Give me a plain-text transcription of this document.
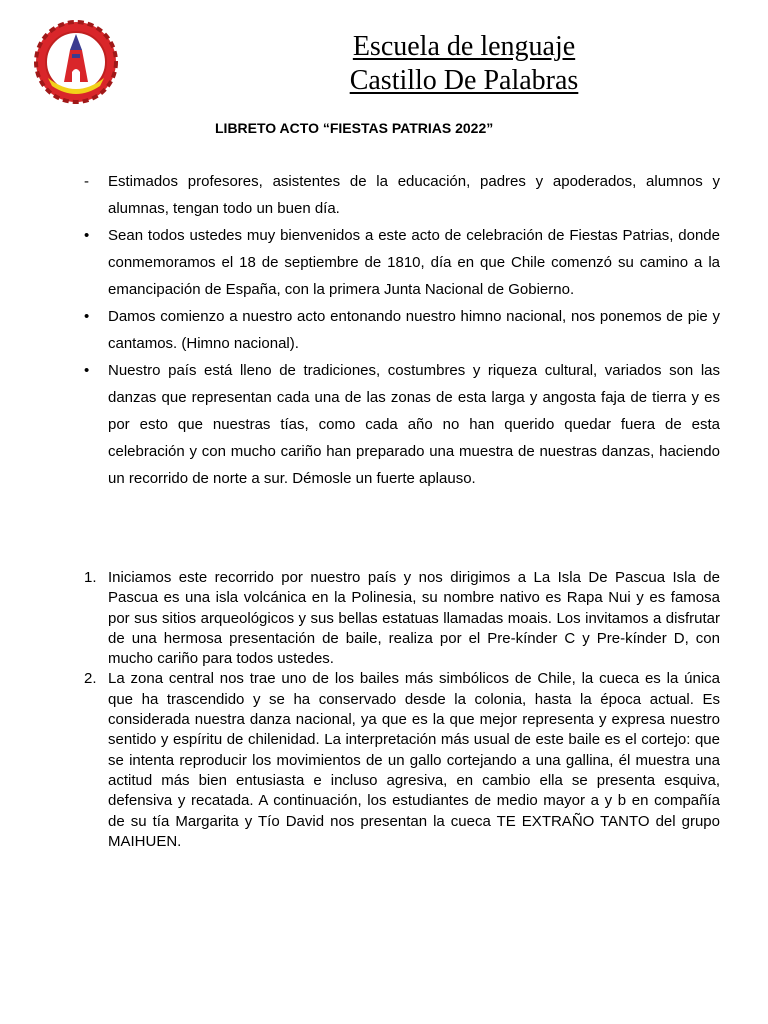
Escuela de lenguaje
Castillo De Palabras
LIBRETO ACTO “FIESTAS PATRIAS 2022”
- Estimados profesores, asistentes de la educación, padres y apoderados, alumnos y alumnas, tengan todo un buen día.
• Sean todos ustedes muy bienvenidos a este acto de celebración de Fiestas Patrias, donde conmemoramos el 18 de septiembre de 1810, día en que Chile comenzó su camino a la emancipación de España, con la primera Junta Nacional de Gobierno.
• Damos comienzo a nuestro acto entonando nuestro himno nacional, nos ponemos de pie y cantamos. (Himno nacional).
• Nuestro país está lleno de tradiciones, costumbres y riqueza cultural, variados son las danzas que representan cada una de las zonas de esta larga y angosta faja de tierra y es por esto que nuestras tías, como cada año no han querido quedar fuera de esta celebración y con mucho cariño han preparado una muestra de nuestras danzas, haciendo un recorrido de norte a sur. Démosle un fuerte aplauso.
1. Iniciamos este recorrido por nuestro país y nos dirigimos a La Isla De Pascua Isla de Pascua es una isla volcánica en la Polinesia, su nombre nativo es Rapa Nui y es famosa por sus sitios arqueológicos y sus bellas estatuas llamadas moais. Los invitamos a disfrutar de una hermosa presentación de baile, realiza por el Pre-kínder C y Pre-kínder D, con mucho cariño para todos ustedes.
2. La zona central nos trae uno de los bailes más simbólicos de Chile, la cueca es la única que ha trascendido y se ha conservado desde la colonia, hasta la época actual. Es considerada nuestra danza nacional, ya que es la que mejor representa y expresa nuestro sentido y espíritu de chilenidad. La interpretación más usual de este baile es el cortejo: que se intenta reproducir los movimientos de un gallo cortejando a una gallina, él muestra una actitud más bien entusiasta e incluso agresiva, en cambio ella se presenta esquiva, defensiva y recatada. A continuación, los estudiantes de medio mayor a y b en compañía de su tía Margarita y Tío David nos presentan la cueca TE EXTRAÑO TANTO del grupo MAIHUEN.
